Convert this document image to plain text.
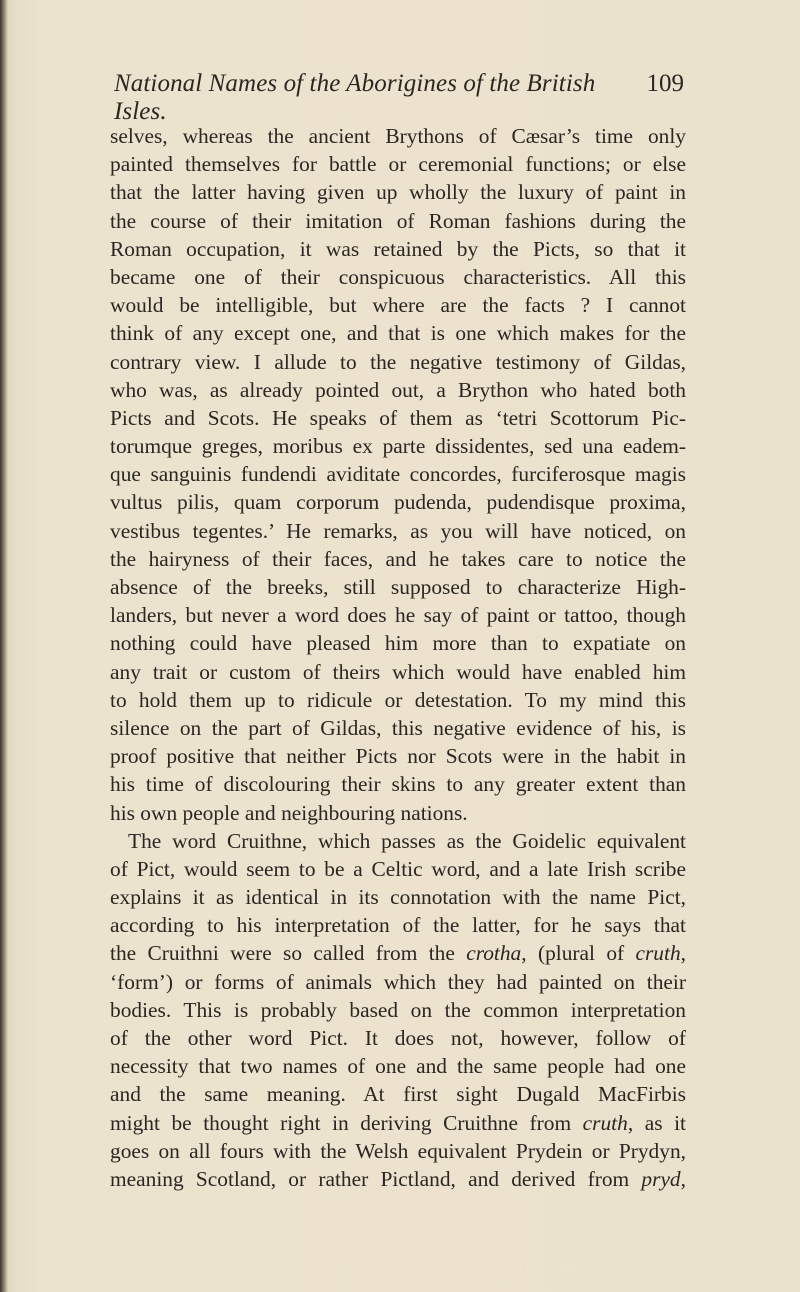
National Names of the Aborigines of the British Isles.
109
selves, whereas the ancient Brythons of Cæsar’s time only
painted themselves for battle or ceremonial functions; or else
that the latter having given up wholly the luxury of paint in
the course of their imitation of Roman fashions during the
Roman occupation, it was retained by the Picts, so that it
became one of their conspicuous characteristics. All this
would be intelligible, but where are the facts ? I cannot
think of any except one, and that is one which makes for the
contrary view. I allude to the negative testimony of Gildas,
who was, as already pointed out, a Brython who hated both
Picts and Scots. He speaks of them as ‘tetri Scottorum Pic-
torumque greges, moribus ex parte dissidentes, sed una eadem-
que sanguinis fundendi aviditate concordes, furciferosque magis
vultus pilis, quam corporum pudenda, pudendisque proxima,
vestibus tegentes.’ He remarks, as you will have noticed, on
the hairyness of their faces, and he takes care to notice the
absence of the breeks, still supposed to characterize High-
landers, but never a word does he say of paint or tattoo, though
nothing could have pleased him more than to expatiate on
any trait or custom of theirs which would have enabled him
to hold them up to ridicule or detestation. To my mind this
silence on the part of Gildas, this negative evidence of his, is
proof positive that neither Picts nor Scots were in the habit in
his time of discolouring their skins to any greater extent than
his own people and neighbouring nations.
The word Cruithne, which passes as the Goidelic equivalent
of Pict, would seem to be a Celtic word, and a late Irish scribe
explains it as identical in its connotation with the name Pict,
according to his interpretation of the latter, for he says that
the Cruithni were so called from the crotha, (plural of cruth,
‘form’) or forms of animals which they had painted on their
bodies. This is probably based on the common interpretation
of the other word Pict. It does not, however, follow of
necessity that two names of one and the same people had one
and the same meaning. At first sight Dugald MacFirbis
might be thought right in deriving Cruithne from cruth, as it
goes on all fours with the Welsh equivalent Prydein or Prydyn,
meaning Scotland, or rather Pictland, and derived from pryd,
